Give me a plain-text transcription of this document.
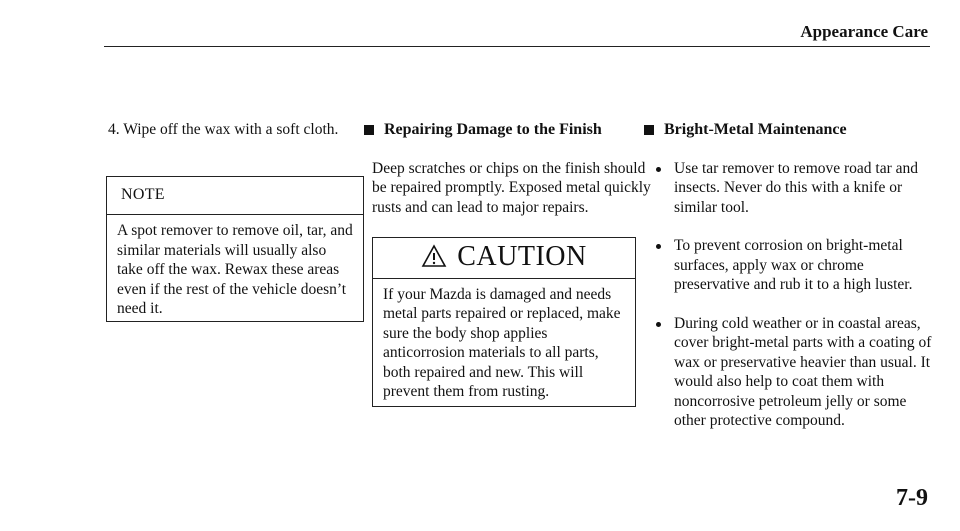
Appearance Care

4. Wipe off the wax with a soft cloth.

NOTE
A spot remover to remove oil, tar, and similar materials will usually also take off the wax. Rewax these areas even if the rest of the vehicle doesn’t need it.
Repairing Damage to the Finish

Deep scratches or chips on the finish should be repaired promptly. Exposed metal quickly rusts and can lead to major repairs.

CAUTION
If your Mazda is damaged and needs metal parts repaired or replaced, make sure the body shop applies anticorrosion materials to all parts, both repaired and new. This will prevent them from rusting.
Bright-Metal Maintenance
Use tar remover to remove road tar and insects. Never do this with a knife or similar tool.
To prevent corrosion on bright-metal surfaces, apply wax or chrome preservative and rub it to a high luster.
During cold weather or in coastal areas, cover bright-metal parts with a coating of wax or preservative heavier than usual. It would also help to coat them with noncorrosive petroleum jelly or some other protective compound.
7-9
